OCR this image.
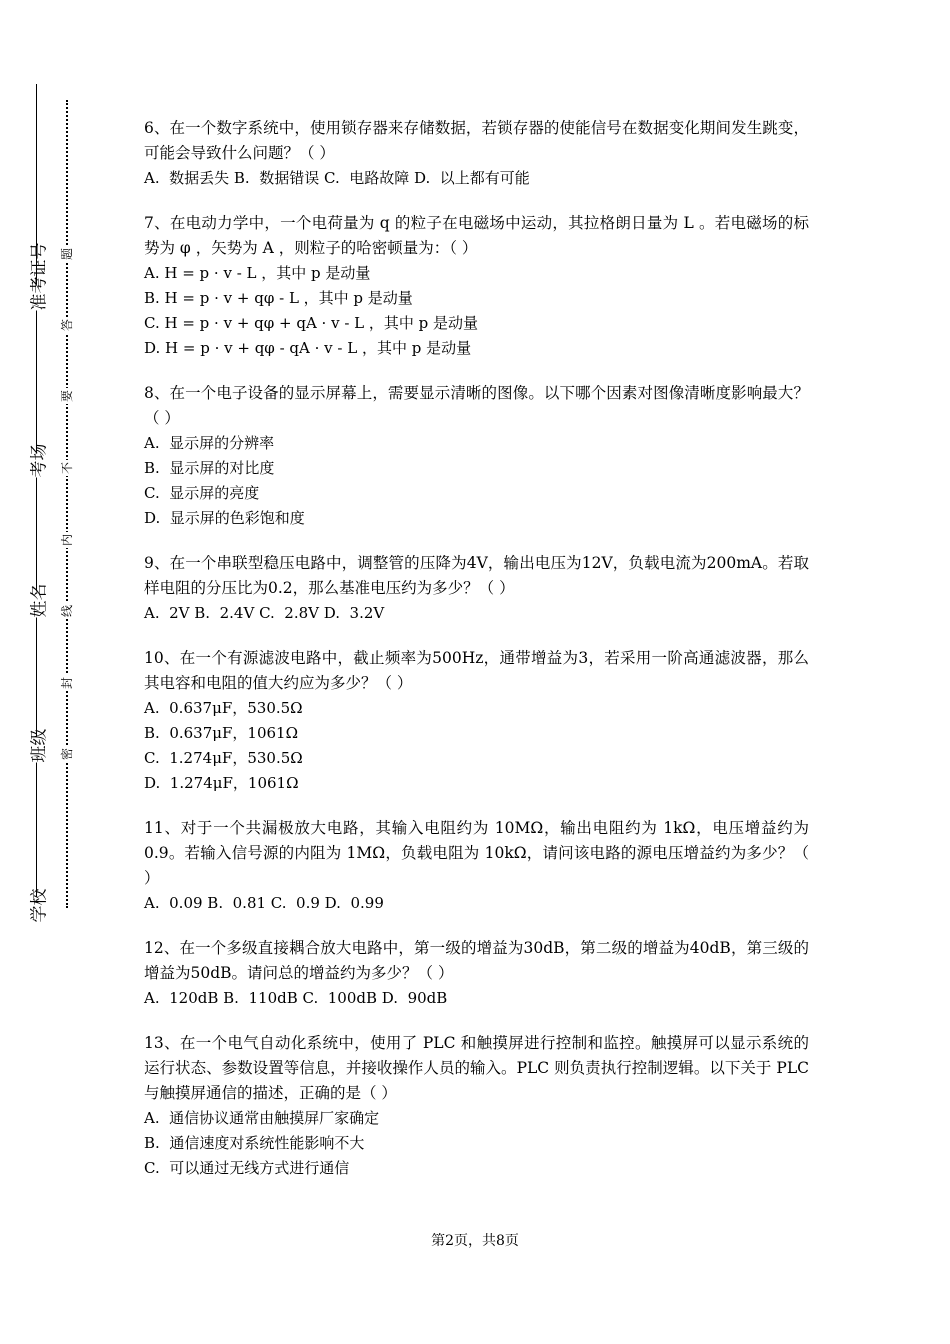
准考证号
考场
姓名
班级
学校
题
答
要
不
内
线
封
密
6、在一个数字系统中，使用锁存器来存储数据，若锁存器的使能信号在数据变化期间发生跳变，可能会导致什么问题？（ ）
A.  数据丢失 B.  数据错误 C.  电路故障 D.  以上都有可能
7、在电动力学中，一个电荷量为 q 的粒子在电磁场中运动，其拉格朗日量为 L 。若电磁场的标势为 φ ，矢势为 A ，则粒子的哈密顿量为：（ ）
A. H = p · v - L ，其中 p 是动量
B. H = p · v + qφ - L ，其中 p 是动量
C. H = p · v + qφ + qA · v - L ，其中 p 是动量
D. H = p · v + qφ - qA · v - L ，其中 p 是动量
8、在一个电子设备的显示屏幕上，需要显示清晰的图像。以下哪个因素对图像清晰度影响最大？（ ）
A.  显示屏的分辨率
B.  显示屏的对比度
C.  显示屏的亮度
D.  显示屏的色彩饱和度
9、在一个串联型稳压电路中，调整管的压降为4V，输出电压为12V，负载电流为200mA。若取样电阻的分压比为0.2，那么基准电压约为多少？（ ）
A.  2V B.  2.4V C.  2.8V D.  3.2V
10、在一个有源滤波电路中，截止频率为500Hz，通带增益为3，若采用一阶高通滤波器，那么其电容和电阻的值大约应为多少？（ ）
A.  0.637μF，530.5Ω
B.  0.637μF，1061Ω
C.  1.274μF，530.5Ω
D.  1.274μF，1061Ω
11、对于一个共漏极放大电路，其输入电阻约为 10MΩ，输出电阻约为 1kΩ，电压增益约为 0.9。若输入信号源的内阻为 1MΩ，负载电阻为 10kΩ，请问该电路的源电压增益约为多少？（ ）
A.  0.09 B.  0.81 C.  0.9 D.  0.99
12、在一个多级直接耦合放大电路中，第一级的增益为30dB，第二级的增益为40dB，第三级的增益为50dB。请问总的增益约为多少？（ ）
A.  120dB B.  110dB C.  100dB D.  90dB
13、在一个电气自动化系统中，使用了 PLC 和触摸屏进行控制和监控。触摸屏可以显示系统的运行状态、参数设置等信息，并接收操作人员的输入。PLC 则负责执行控制逻辑。以下关于 PLC 与触摸屏通信的描述，正确的是（ ）
A.  通信协议通常由触摸屏厂家确定
B.  通信速度对系统性能影响不大
C.  可以通过无线方式进行通信
第2页，共8页
